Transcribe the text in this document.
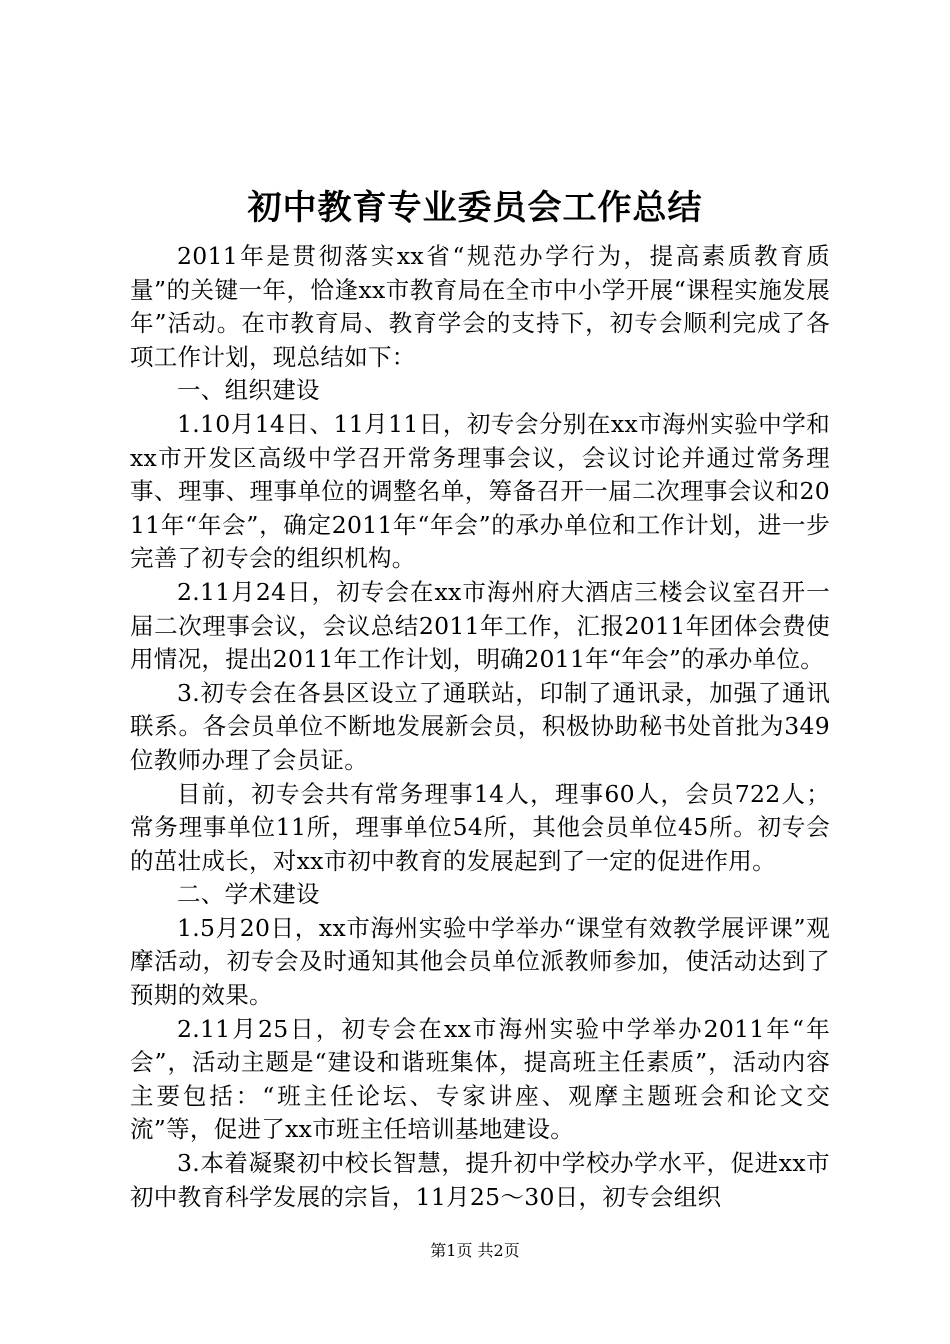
初中教育专业委员会工作总结

2011年是贯彻落实xx省“规范办学行为，提高素质教育质量”的关键一年，恰逢xx市教育局在全市中小学开展“课程实施发展年”活动。在市教育局、教育学会的支持下，初专会顺利完成了各项工作计划，现总结如下：

一、组织建设

1.10月14日、11月11日，初专会分别在xx市海州实验中学和xx市开发区高级中学召开常务理事会议，会议讨论并通过常务理事、理事、理事单位的调整名单，筹备召开一届二次理事会议和2011年“年会”，确定2011年“年会”的承办单位和工作计划，进一步完善了初专会的组织机构。

2.11月24日，初专会在xx市海州府大酒店三楼会议室召开一届二次理事会议，会议总结2011年工作，汇报2011年团体会费使用情况，提出2011年工作计划，明确2011年“年会”的承办单位。

3.初专会在各县区设立了通联站，印制了通讯录，加强了通讯联系。各会员单位不断地发展新会员，积极协助秘书处首批为349位教师办理了会员证。

目前，初专会共有常务理事14人，理事60人，会员722人；常务理事单位11所，理事单位54所，其他会员单位45所。初专会的茁壮成长，对xx市初中教育的发展起到了一定的促进作用。

二、学术建设

1.5月20日，xx市海州实验中学举办“课堂有效教学展评课”观摩活动，初专会及时通知其他会员单位派教师参加，使活动达到了预期的效果。

2.11月25日，初专会在xx市海州实验中学举办2011年“年会”，活动主题是“建设和谐班集体，提高班主任素质”，活动内容主要包括：“班主任论坛、专家讲座、观摩主题班会和论文交流”等，促进了xx市班主任培训基地建设。

3.本着凝聚初中校长智慧，提升初中学校办学水平，促进xx市初中教育科学发展的宗旨，11月25～30日，初专会组织

第1页 共2页
